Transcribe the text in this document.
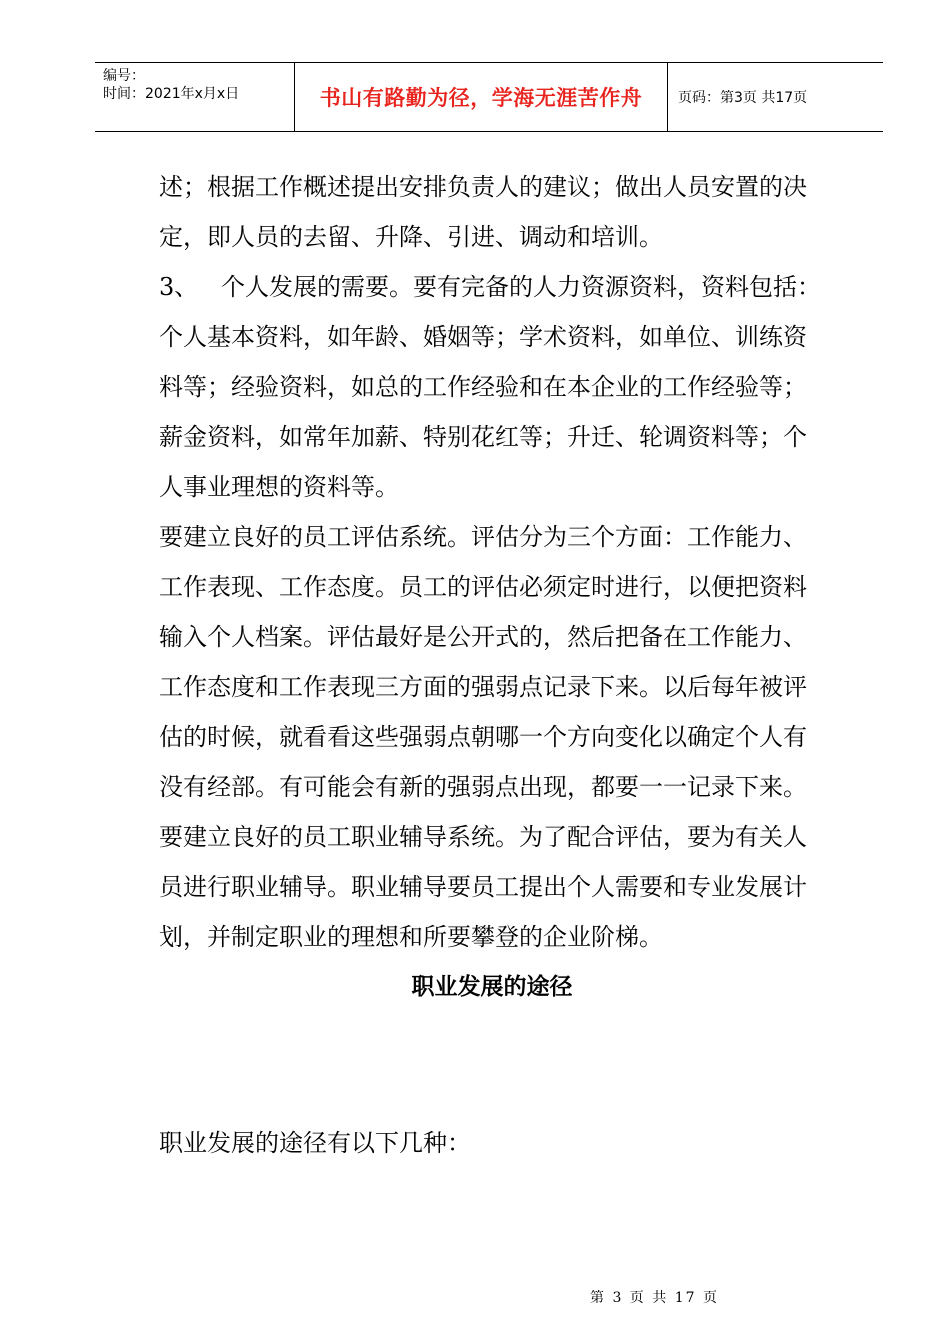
编号：
时间：2021年x月x日	书山有路勤为径，学海无涯苦作舟	页码：第3页 共17页

述；根据工作概述提出安排负责人的建议；做出人员安置的决定，即人员的去留、升降、引进、调动和培训。

3、 个人发展的需要。要有完备的人力资源资料，资料包括：个人基本资料，如年龄、婚姻等；学术资料，如单位、训练资料等；经验资料，如总的工作经验和在本企业的工作经验等；薪金资料，如常年加薪、特别花红等；升迁、轮调资料等；个人事业理想的资料等。

要建立良好的员工评估系统。评估分为三个方面：工作能力、工作表现、工作态度。员工的评估必须定时进行，以便把资料输入个人档案。评估最好是公开式的，然后把备在工作能力、工作态度和工作表现三方面的强弱点记录下来。以后每年被评估的时候，就看看这些强弱点朝哪一个方向变化以确定个人有没有经部。有可能会有新的强弱点出现，都要一一记录下来。

要建立良好的员工职业辅导系统。为了配合评估，要为有关人员进行职业辅导。职业辅导要员工提出个人需要和专业发展计划，并制定职业的理想和所要攀登的企业阶梯。

职业发展的途径

职业发展的途径有以下几种：

第 3 页 共 17 页
